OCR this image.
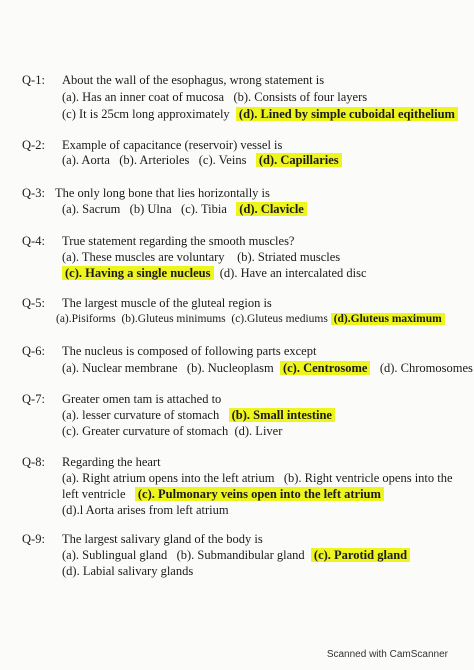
Q-1: About the wall of the esophagus, wrong statement is
(a). Has an inner coat of mucosa (b). Consists of four layers
(c) It is 25cm long approximately (d). Lined by simple cuboidal eqithelium
Q-2: Example of capacitance (reservoir) vessel is
(a). Aorta   (b). Arterioles   (c). Veins (d). Capillaries
Q-3: The only long bone that lies horizontally is
(a). Sacrum   (b) Ulna   (c). Tibia (d). Clavicle
Q-4: True statement regarding the smooth muscles?
(a). These muscles are voluntary (b). Striated muscles
(c). Having a single nucleus (d). Have an intercalated disc
Q-5: The largest muscle of the gluteal region is
(a).Pisiforms  (b).Gluteus minimums  (c).Gluteus mediums (d).Gluteus maximum
Q-6: The nucleus is composed of following parts except
(a). Nuclear membrane   (b). Nucleoplasm (c). Centrosome (d). Chromosomes
Q-7: Greater omen tam is attached to
(a). lesser curvature of stomach (b). Small intestine
(c). Greater curvature of stomach  (d). Liver
Q-8: Regarding the heart
(a). Right atrium opens into the left atrium (b). Right ventricle opens into the
left ventricle (c). Pulmonary veins open into the left atrium
(d).l Aorta arises from left atrium
Q-9: The largest salivary gland of the body is
(a). Sublingual gland   (b). Submandibular gland (c). Parotid gland
(d). Labial salivary glands
Scanned with CamScanner
